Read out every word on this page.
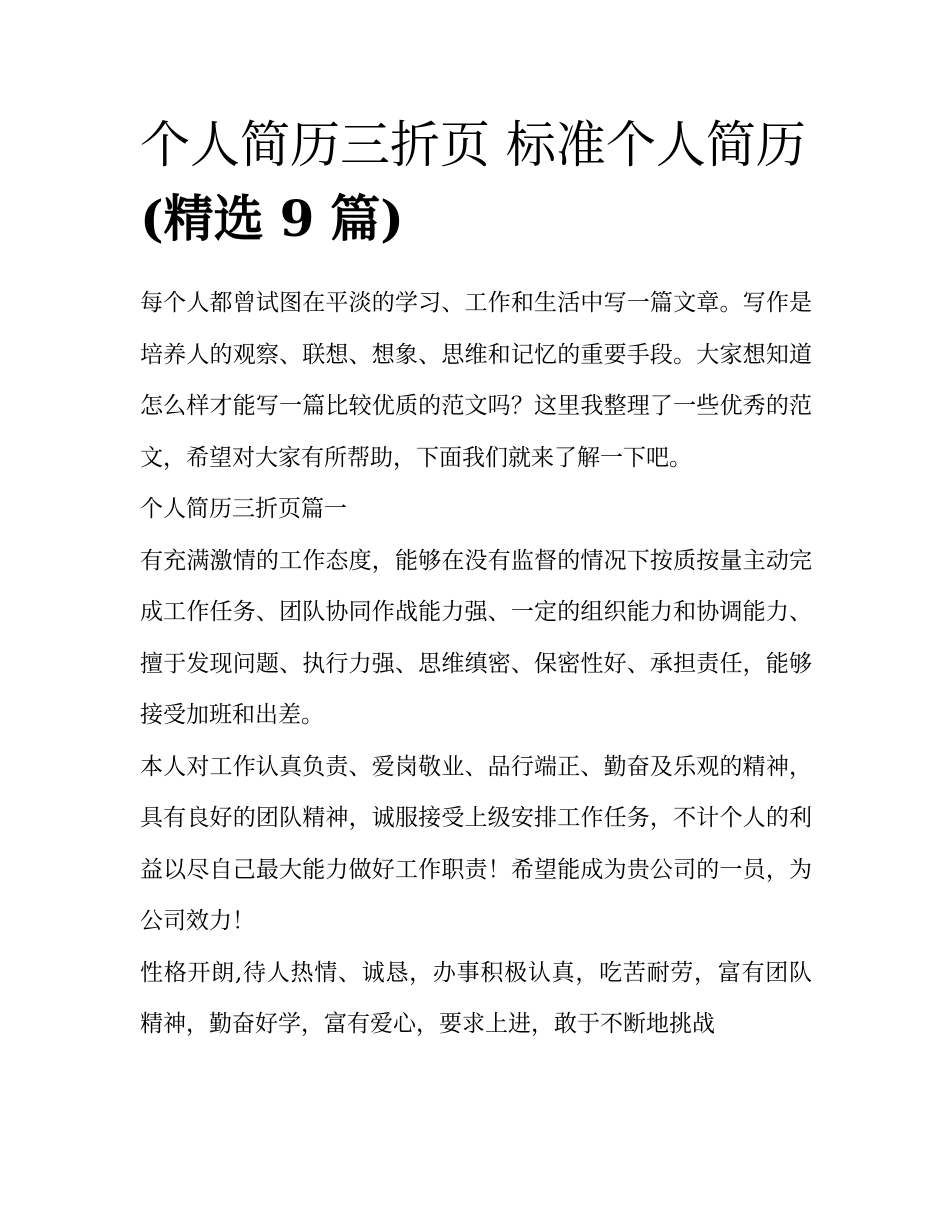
个人简历三折页 标准个人简历
(精选 9 篇)

每个人都曾试图在平淡的学习、工作和生活中写一篇文章。写作是培养人的观察、联想、想象、思维和记忆的重要手段。大家想知道怎么样才能写一篇比较优质的范文吗？这里我整理了一些优秀的范文，希望对大家有所帮助，下面我们就来了解一下吧。

个人简历三折页篇一

有充满激情的工作态度，能够在没有监督的情况下按质按量主动完成工作任务、团队协同作战能力强、一定的组织能力和协调能力、擅于发现问题、执行力强、思维缜密、保密性好、承担责任，能够接受加班和出差。

本人对工作认真负责、爱岗敬业、品行端正、勤奋及乐观的精神，具有良好的团队精神，诚服接受上级安排工作任务，不计个人的利益以尽自己最大能力做好工作职责！希望能成为贵公司的一员，为公司效力！

性格开朗,待人热情、诚恳，办事积极认真，吃苦耐劳，富有团队精神，勤奋好学，富有爱心，要求上进，敢于不断地挑战
